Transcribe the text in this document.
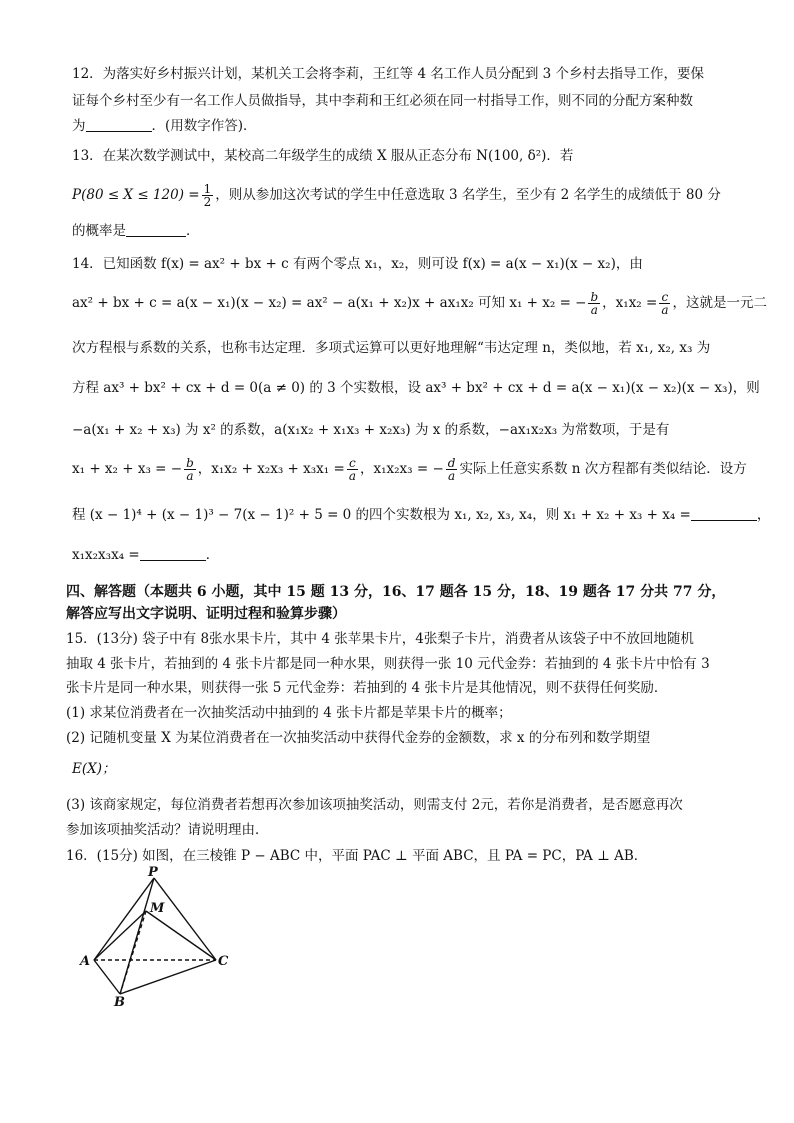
12．为落实好乡村振兴计划，某机关工会将李莉，王红等 4 名工作人员分配到 3 个乡村去指导工作，要保
证每个乡村至少有一名工作人员做指导，其中李莉和王红必须在同一村指导工作，则不同的分配方案种数
为	．(用数字作答)．
13．在某次数学测试中，某校高二年级学生的成绩 X 服从正态分布 N(100, δ²)．若
$P(80 \le X \le 120) = \frac{1}{2}$ ，则从参加这次考试的学生中任意选取 3 名学生，至少有 2 名学生的成绩低于 80 分
的概率是	．
14．已知函数 f(x) = ax² + bx + c 有两个零点 x₁，x₂，则可设 f(x) = a(x − x₁)(x − x₂)，由
ax² + bx + c = a(x − x₁)(x − x₂) = ax² − a(x₁ + x₂)x + ax₁x₂ 可知 x₁ + x₂ = − $\frac{b}{a}$ ，$x_1x_2 = \frac{c}{a}$ ，这就是一元二
次方程根与系数的关系，也称韦达定理．多项式运算可以更好地理解“韦达定理 n，类似地，若 x₁, x₂, x₃ 为
方程 ax³ + bx² + cx + d = 0(a ≠ 0) 的 3 个实数根，设 ax³ + bx² + cx + d = a(x − x₁)(x − x₂)(x − x₃)，则
−a(x₁ + x₂ + x₃) 为 x² 的系数，a(x₁x₂ + x₁x₃ + x₂x₃) 为 x 的系数，−ax₁x₂x₃ 为常数项，于是有
x₁ + x₂ + x₃ = − $\frac{b}{a}$ ，$x_1x_2 + x_2x_3 + x_3x_1 = \frac{c}{a}$ ，x₁x₂x₃ = − $\frac{d}{a}$ 实际上任意实系数 n 次方程都有类似结论．设方
程 (x − 1)⁴ + (x − 1)³ − 7(x − 1)² + 5 = 0 的四个实数根为 x₁, x₂, x₃, x₄，则 x₁ + x₂ + x₃ + x₄ =	，
x₁x₂x₃x₄ =	．
四、解答题（本题共 6 小题，其中 15 题 13 分，16、17 题各 15 分，18、19 题各 17 分共 77 分，
解答应写出文字说明、证明过程和验算步骤）
15．(13分) 袋子中有 8张水果卡片，其中 4 张苹果卡片，4张梨子卡片，消费者从该袋子中不放回地随机
抽取 4 张卡片，若抽到的 4 张卡片都是同一种水果，则获得一张 10 元代金券：若抽到的 4 张卡片中恰有 3
张卡片是同一种水果，则获得一张 5 元代金券：若抽到的 4 张卡片是其他情况，则不获得任何奖励．
(1) 求某位消费者在一次抽奖活动中抽到的 4 张卡片都是苹果卡片的概率；
(2) 记随机变量 X 为某位消费者在一次抽奖活动中获得代金券的金额数，求 x 的分布列和数学期望
E(X)；
(3) 该商家规定，每位消费者若想再次参加该项抽奖活动，则需支付 2元，若你是消费者，是否愿意再次
参加该项抽奖活动？请说明理由．
16．(15分) 如图，在三棱锥 P − ABC 中，平面 PAC ⊥ 平面 ABC，且 PA = PC，PA ⊥ AB．
P
M
A	C
B
